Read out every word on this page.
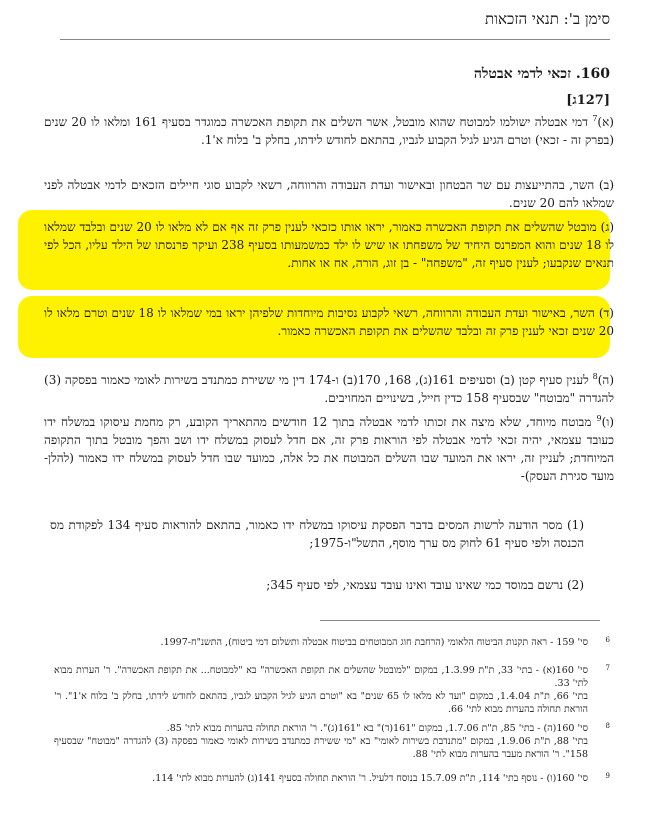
סימן ב': תנאי הזכאות
160. זכאי לדמי אבטלה
[127ג]

(א)$^7$ דמי אבטלה ישולמו למבוטח שהוא מובטל, אשר השלים את תקופת האכשרה כמוגדר בסעיף 161 ומלאו לו 20 שנים (בפרק זה - זכאי) וטרם הגיע לגיל הקבוע לגביו, בהתאם לחודש לידתו, בחלק ב' בלוח א'1.

(ב) השר, בהתייעצות עם שר הבטחון ובאישור ועדת העבודה והרווחה, רשאי לקבוע סוגי חיילים הזכאים לדמי אבטלה לפני שמלאו להם 20 שנים.

(ג) מובטל שהשלים את תקופת האכשרה כאמור, יראו אותו כזכאי לענין פרק זה אף אם לא מלאו לו 20 שנים ובלבד שמלאו לו 18 שנים והוא המפרנס היחיד של משפחתו או שיש לו ילד כמשמעותו בסעיף 238 ועיקר פרנסתו של הילד עליו, הכל לפי תנאים שנקבעו; לענין סעיף זה, "משפחה" - בן זוג, הורה, אח או אחות.

(ד) השר, באישור ועדת העבודה והרווחה, רשאי לקבוע נסיבות מיוחדות שלפיהן יראו במי שמלאו לו 18 שנים וטרם מלאו לו 20 שנים זכאי לענין פרק זה ובלבד שהשלים את תקופת האכשרה כאמור.

(ה)$^8$ לענין סעיף קטן (ב) וסעיפים 161(ג), 168, 170(ב) ו-174 דין מי ששירת כמתנדב בשירות לאומי כאמור בפסקה (3) להגדרה "מבוטח" שבסעיף 158 כדין חייל, בשינויים המחויבים.

(ו)$^9$ מבוטח מיוחד, שלא מיצה את זכותו לדמי אבטלה בתוך 12 חודשים מהתאריך הקובע, רק מחמת עיסוקו במשלח ידו כעובד עצמאי, יהיה זכאי לדמי אבטלה לפי הוראות פרק זה, אם חדל לעסוק במשלח ידו ושב והפך מובטל בתוך התקופה המיוחדת; לעניין זה, יראו את המועד שבו השלים המבוטח את כל אלה, כמועד שבו חדל לעסוק במשלח ידו כאמור (להלן- מועד סגירת העסק)-

(1) מסר הודעה לרשות המסים בדבר הפסקת עיסוקו במשלח ידו כאמור, בהתאם להוראות סעיף 134 לפקודת מס הכנסה ולפי סעיף 61 לחוק מס ערך מוסף, התשל"ו-1975;

(2) נרשם במוסד כמי שאינו עובד ואינו עובד עצמאי, לפי סעיף 345;

6

סי' 159 - ראה תקנות הביטוח הלאומי (הרחבת חוג המבוטחים בביטוח אבטלה ותשלום דמי ביטוח), התשנ"ח-1997.

7

סי' 160(א) - בתי' 33, ת"ת 1.3.99, במקום "למובטל שהשלים את תקופת האכשרה" בא "למבוטח... את תקופת האכשרה". ר' הערות מבוא לתי' 33.
בתי' 66, ת"ת 1.4.04, במקום "ועד לא מלאו לו 65 שנים" בא "וטרם הגיע לגיל הקבוע לגביו, בהתאם לחודש לידתו, בחלק ב' בלוח א'1". ר' הוראת תחולה בהערות מבוא לתי' 66.

8

סי' 160(ה) - בתי' 85, ת"ת 1.7.06, במקום "161(ד)" בא "161(ג)". ר' הוראת תחולה בהערות מבוא לתי' 85.
בתי' 88, ת"ת 1.9.06, במקום "מתנדבת בשירות לאומי" בא "מי ששירת כמתנדב בשירות לאומי כאמור בפסקה (3) להגדרה "מבוטח" שבסעיף 158". ר' הוראת מעבר בהערות מבוא לתי' 88.

9

סי' 160(ו) - נוסף בתי' 114, ת"ת 15.7.09 בנוסח דלעיל. ר' הוראת תחולה בסעיף 141(ג) להערות מבוא לתי' 114.
